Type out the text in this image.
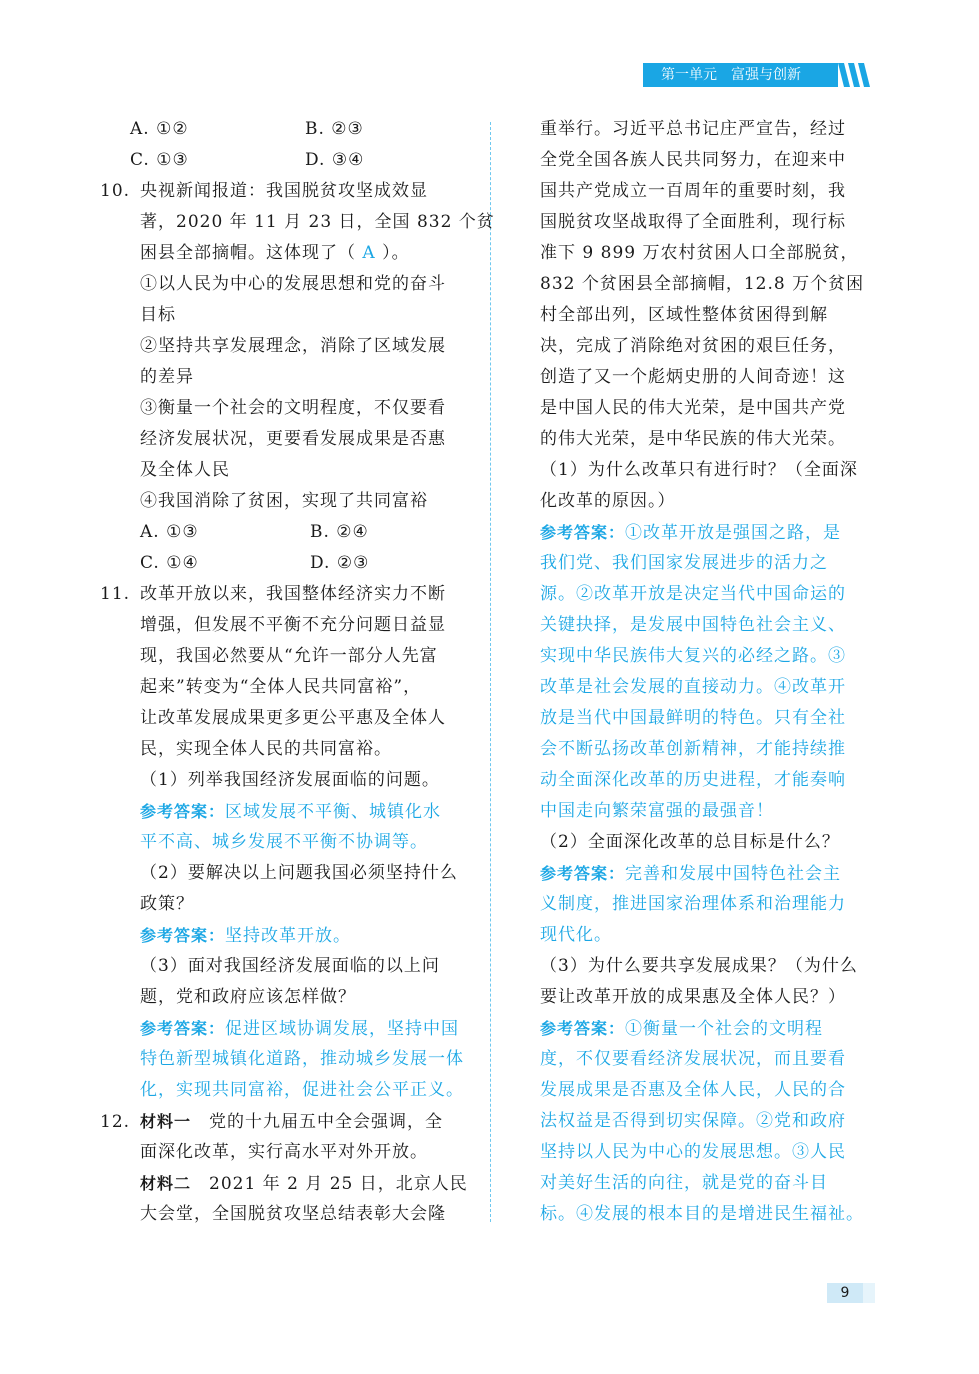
第一单元　富强与创新
A. ①②	B. ②③
C. ①③	D. ③④
10. 央视新闻报道：我国脱贫攻坚成效显
著，2020 年 11 月 23 日，全国 832 个贫
困县全部摘帽。这体现了（ A ）。
①以人民为中心的发展思想和党的奋斗
目标
②坚持共享发展理念，消除了区域发展
的差异
③衡量一个社会的文明程度，不仅要看
经济发展状况，更要看发展成果是否惠
及全体人民
④我国消除了贫困，实现了共同富裕
A. ①③	B. ②④
C. ①④	D. ②③
11. 改革开放以来，我国整体经济实力不断
增强，但发展不平衡不充分问题日益显
现，我国必然要从“允许一部分人先富
起来”转变为“全体人民共同富裕”，
让改革发展成果更多更公平惠及全体人
民，实现全体人民的共同富裕。
（1）列举我国经济发展面临的问题。
参考答案：区域发展不平衡、城镇化水
平不高、城乡发展不平衡不协调等。
（2）要解决以上问题我国必须坚持什么
政策？
参考答案：坚持改革开放。
（3）面对我国经济发展面临的以上问
题，党和政府应该怎样做？
参考答案：促进区域协调发展，坚持中国
特色新型城镇化道路，推动城乡发展一体
化，实现共同富裕，促进社会公平正义。
12. 材料一　党的十九届五中全会强调，全
面深化改革，实行高水平对外开放。
材料二　2021 年 2 月 25 日，北京人民
大会堂，全国脱贫攻坚总结表彰大会隆
重举行。习近平总书记庄严宣告，经过
全党全国各族人民共同努力，在迎来中
国共产党成立一百周年的重要时刻，我
国脱贫攻坚战取得了全面胜利，现行标
准下 9 899 万农村贫困人口全部脱贫，
832 个贫困县全部摘帽，12.8 万个贫困
村全部出列，区域性整体贫困得到解
决，完成了消除绝对贫困的艰巨任务，
创造了又一个彪炳史册的人间奇迹！这
是中国人民的伟大光荣，是中国共产党
的伟大光荣，是中华民族的伟大光荣。
（1）为什么改革只有进行时？（全面深
化改革的原因。）
参考答案：①改革开放是强国之路，是
我们党、我们国家发展进步的活力之
源。②改革开放是决定当代中国命运的
关键抉择，是发展中国特色社会主义、
实现中华民族伟大复兴的必经之路。③
改革是社会发展的直接动力。④改革开
放是当代中国最鲜明的特色。只有全社
会不断弘扬改革创新精神，才能持续推
动全面深化改革的历史进程，才能奏响
中国走向繁荣富强的最强音！
（2）全面深化改革的总目标是什么？
参考答案：完善和发展中国特色社会主
义制度，推进国家治理体系和治理能力
现代化。
（3）为什么要共享发展成果？（为什么
要让改革开放的成果惠及全体人民？）
参考答案：①衡量一个社会的文明程
度，不仅要看经济发展状况，而且要看
发展成果是否惠及全体人民，人民的合
法权益是否得到切实保障。②党和政府
坚持以人民为中心的发展思想。③人民
对美好生活的向往，就是党的奋斗目
标。④发展的根本目的是增进民生福祉。
9
